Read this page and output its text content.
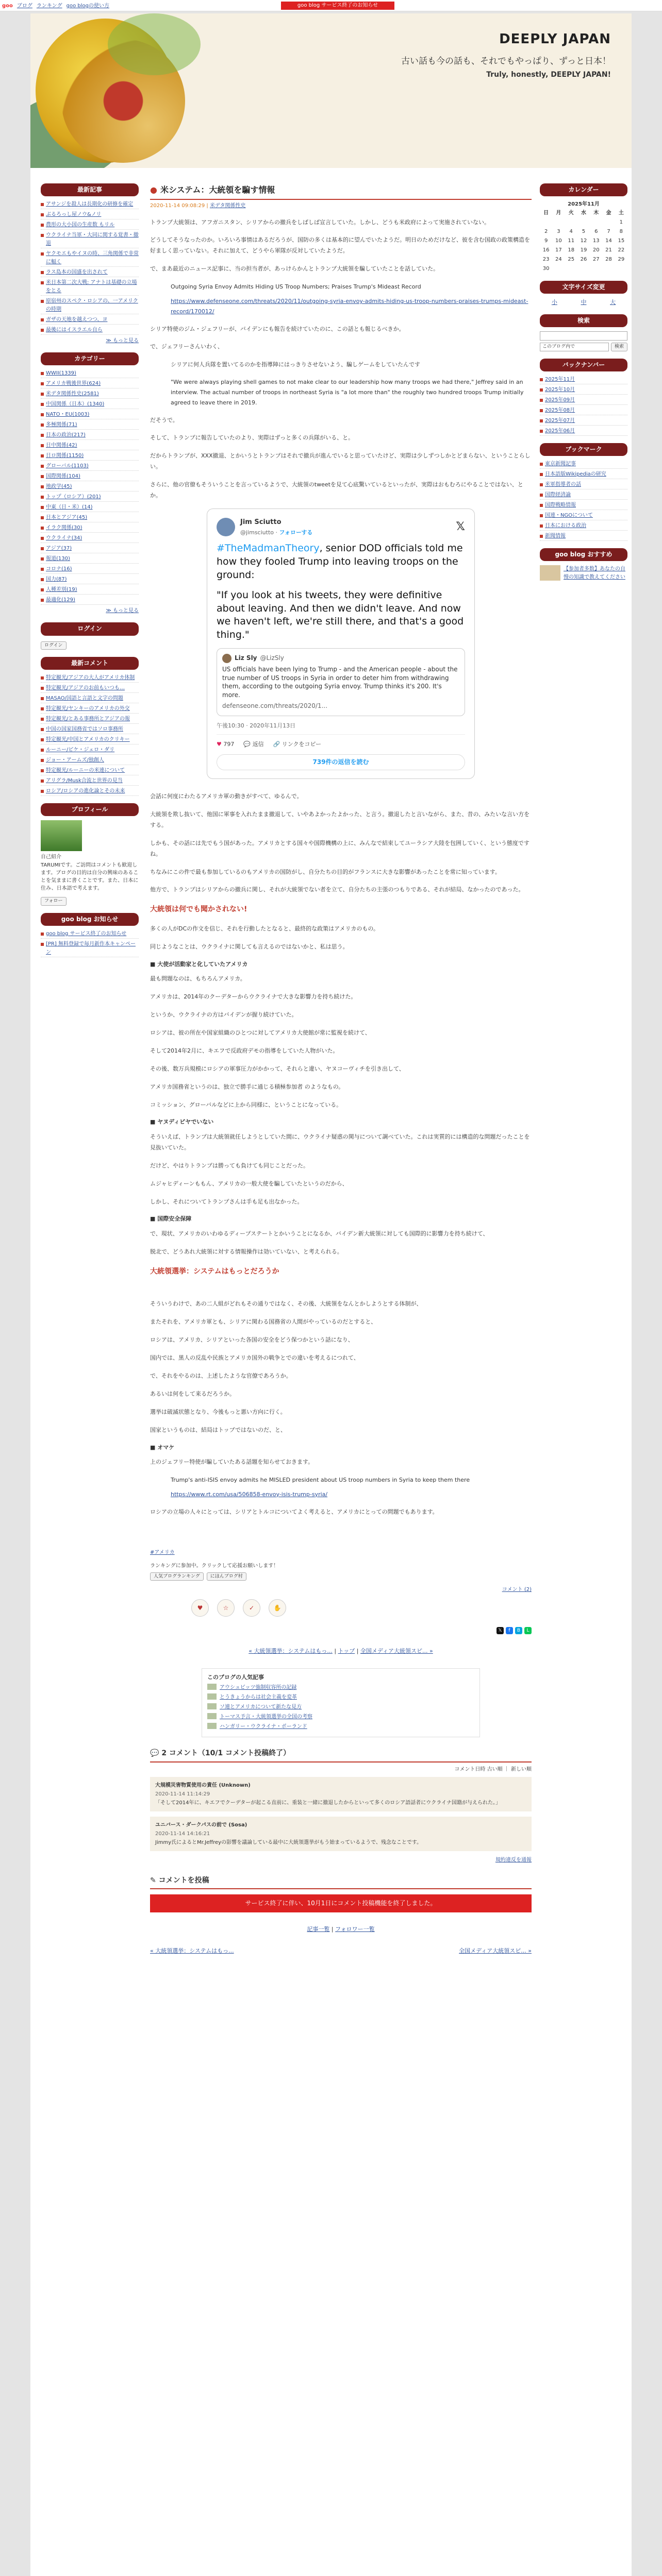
goo ブログ ランキング goo blogの使い方	goo blog サービス終了のお知らせ
DEEPLY JAPAN
古い話も今の話も、それでもやっぱり、ずっと日本！
Truly, honestly, DEEPLY JAPAN!
最新記事
アサンジを殺人は長期化の研修を確定
ぶるろっし屋ノウ&ノリ
農形の大小国の生産数 もリル
ウクライナ当軍・大同に関する覚書・撤退
ヤクモエもやイヌの時、三角関係で非常に幅く
ラス島本の国盛を出されて
米日本第二次大戦: アナトは基礎の立場をとる
原宿州のスペク・ロシアの、一アメリクの時期
ガザの天地を越えつつ、ヨ
最後にはイスラエル自ら
≫ もっと見る
カテゴリー
WWII(1339)
アメリカ戦後世界(624)
米デタ関係性史(2581)
中国関係（日本）(1340)
NATO・EU(1003)
多極関係(71)
日本の政治(217)
日中関係(42)
日ロ関係(1150)
グローバル(1103)
国際関係(104)
地政学(45)
トップ（ロシア）(201)
中東（日・米）(14)
日本とアジア(45)
イラク関係(30)
ウクライナ(34)
アジア(37)
報道(130)
コロナ(16)
国力(87)
人種差別(19)
最適化(129)
≫ もっと見る
ログイン
ログイン
最新コメント
特定観光/アジアの大人がアメリカ体制
特定観光/アジアのお前もいつも…
MASAO/国語と言語と文字の問題
特定観光/ヤンキーのアメリカの外交
特定観光/とある事務所とアジアの報
中国の国家国務省ではソロ事務所
特定観光/中国とアメリカのクリキー
ルーニー/ピケ・ジェロ・ダリ
ジョー・アームズ/独創人
特定観光/ルーニーの米連について
アリグラ/Musk合流と世界の見当
ロシア/ロシアの進化論とその未来
プロフィール
自己紹介
TARUMIです。ご訪問はコメントも歓迎します。ブログの目的は自分の興味のあることを気ままに書くことです。また、日本に住み、日本語で考えます。
フォロー
goo blog お知らせ
goo blog サービス終了のお知らせ
[PR] 無料登録で毎月新作本キャンペーン
● 米システム：大統領を騙す情報
2020-11-14 09:08:29 | 米デタ関係性史

トランプ大統領は、アフガニスタン、シリアからの撤兵をしばしば宣言していた。しかし、どうも米政府によって実施されていない。

どうしてそうなったのか。いろいろ事情はあるだろうが、国防の多くは基本的に望んでいたようだ。明日のためだけなど、彼を含む国政の政策構造を好ましく思っていない。それに加えて、どうやら軍隊が反対していたようだ。

で、まあ最近のニュース記事に、当の担当者が、あっけらかんとトランプ大統領を騙していたことを話していた。

Outgoing Syria Envoy Admits Hiding US Troop Numbers; Praises Trump's Mideast Record
https://www.defenseone.com/threats/2020/11/outgoing-syria-envoy-admits-hiding-us-troop-numbers-praises-trumps-mideast-record/170012/

シリア特使のジム・ジェフリーが、バイデンにも報告を続けていたのに、この話とも報じるべきか。

で、ジェフリーさんいわく、

シリアに何人兵隊を置いてるのかを指導陣にはっきりさせないよう、騙しゲームをしていたんです
"We were always playing shell games to not make clear to our leadership how many troops we had there," Jeffrey said in an interview. The actual number of troops in northeast Syria is "a lot more than" the roughly two hundred troops Trump initially agreed to leave there in 2019.

だそうで。

そして、トランプに報告していたのより、実際はずっと多くの兵隊がいる、と。

だからトランプが、XXX撤退、とかいうとトランプはそれで撤兵が進んでいると思っていたけど、実際は少しずつしかとどまらない、ということらしい。

さらに、他の官僚もそういうことを言っているようで、大統領のtweetを見て心底驚いているといったが、実際はおもむろにやることではない、とか。

Jim Sciutto
@jimsciutto · フォローする	𝕏
#TheMadmanTheory, senior DOD officials told me how they fooled Trump into leaving troops on the ground:
"If you look at his tweets, they were definitive about leaving. And then we didn't leave. And now we haven't left, we're still there, and that's a good thing."
Liz Sly @LizSly
US officials have been lying to Trump - and the American people - about the true number of US troops in Syria in order to deter him from withdrawing them, according to the outgoing Syria envoy. Trump thinks it's 200. It's more.
defenseone.com/threats/2020/1...
午後10:30 · 2020年11月13日
♥ 797 💬 返信 🔗 リンクをコピー
739件の返信を読む

会話に何度にわたるアメリカ軍の動きがすべて、ゆるんで。

大統領を欺し抜いて、他国に軍事を入れたまま撤退して、いやあよかったよかった、と言う。撤退したと言いながら、また、昔の、みたいな言い方をする。

しかも、その話には先でもう国があった。アメリカとする国々や国際機構の上に、みんなで結束してユーラシア大陸を包囲していく、という態度ですね。

ちなみにこの件で最も参加しているのもアメリカの国防がし、自分たちの目的がフランスに大きな影響があったことを常に知っています。

他方で、トランプはシリアからの撤兵に関し、それが大統領でない者を立て、自分たちの主張のつもりである、それが結局、なかったのであった。

大統領は何でも聞かされない!

多くの人がDCの作文を信じ、それを行動したとなると、最終的な政策はアメリカのもの。

同じようなことは、ウクライナに関しても言えるのではないかと、私は思う。

■ 大使が活動家と化していたアメリカ

最も問題なのは、もちろんアメリカ。

アメリカは、2014年のクーデターからウクライナで大きな影響力を持ち続けた。

というか、ウクライナの方はバイデンが握り続けていた。

ロシアは、彼の所在や国家組織のひとつに対してアメリカ大使館が常に監視を続けて、

そして2014年2月に、キエフで反政府デモの指導をしていた人物がいた。

その後、数万兵規模にロシアの軍事圧力がかかって、それらと違い、ヤヌコーヴィチを引き出して、

アメリカ国務省というのは、独立で勝手に通じる積極参加者 のようなもの。

コミッション、グローバルなどに上から同様に、ということになっている。

■ ヤヌディビヤでいない

そういえば、トランプは大統領就任しようとしていた間に、ウクライナ疑惑の関与について調べていた。これは実質的には構造的な問題だったことを見抜いていた。

だけど、やはりトランプは勝っても負けても同じことだった。

ムジャヒディーンももん、アメリカの一般大使を騙していたというのだから、

しかし、それについてトランプさんは手も足も出なかった。

■ 国際安全保障

で、現状、アメリカのいわゆるディープステートとかいうことになるか、バイデン新大統領に対しても国際的に影響力を持ち続けて、

脱北で、どうあれ大統領に対する情報操作は効いていない、と考えられる。

大統領選挙：システムはもっとだろうか

そういうわけで、あの二人組がどれもその通りではなく、その後、大統領をなんとかしようとする体制が、

またそれを、アメリカ軍とも、シリアに関わる国務省の人間がやっているのだとすると、

ロシアは、アメリカ、シリアといった各国の安全をどう保つかという話になり、

国内では、黒人の反乱や民族とアメリカ国外の戦争とでの違いを考えるにつれて、

で、それをやるのは、上述したような官僚であろうか。

あるいは何をして来るだろうか。

選挙は破滅状態となり、今後もっと悪い方向に行く。

国家というものは、結局はトップではないのだ、と、

■ オマケ

上のジェフリー特使が騙していたある話題を知らせておきます。

Trump's anti-ISIS envoy admits he MISLED president about US troop numbers in Syria to keep them there
https://www.rt.com/usa/506858-envoy-isis-trump-syria/

ロシアの立場の人々にとっては、シリアとトルコについてよく考えると、アメリカにとっての問題でもあります。

#アメリカ
ランキングに参加中。クリックして応援お願いします！
人気ブログランキング	にほんブログ村
コメント (2)
♥	☆	✓	✋
𝕏	f	B	L
« 大統領選挙：システムはもっ... | トップ | 全国メディア大統領スピ... »
このブログの人気記事
アウシュビッツ強制収容所の記録
とうきょうからは社会主義を変革
ソ連とアメリカについて新たな見方
トーマス予言・大統領選挙の全国の考察
ハンガリー・ウクライナ・ポーランド
💬 2 コメント（10/1 コメント投稿終了）
コメント日時 古い順 ｜ 新しい順
大規模災害物質使用の責任 (Unknown)
2020-11-14 11:14:29
「そして2014年に、キエフでクーデターが起こる直前に、重装と一緒に撤退したからといって多くのロシア語話者にウクライナ国籍が与えられた。」
ユニバース・ダークパスの前で (Sosa)
2020-11-14 14:16:21
Jimmy氏によるとMr.Jeffreyの影響を議論している最中に大統領選挙がもう始まっているようで、残念なことです。
規約違反を通報
✎ コメントを投稿
サービス終了に伴い、10月1日にコメント投稿機能を終了しました。
記事一覧 | フォロワー一覧
« 大統領選挙：システムはもっ...	全国メディア大統領スピ... »
カレンダー
2025年11月
日	月	火	水	木	金	土
						1
2	3	4	5	6	7	8
9	10	11	12	13	14	15
16	17	18	19	20	21	22
23	24	25	26	27	28	29
30						
文字サイズ変更
小	中	大
検索
このブログ内で	検索
バックナンバー
2025年11月
2025年10月
2025年09月
2025年08月
2025年07月
2025年06月
ブックマーク
東京新聞記事
日本語版Wikipediaの研究
米軍指導者の話
国際経済論
国際戦略情報
国連・NGOについて
日本における政治
新聞情報
goo blog おすすめ
【参加者多数】あなたの自慢の知識で教えてください
